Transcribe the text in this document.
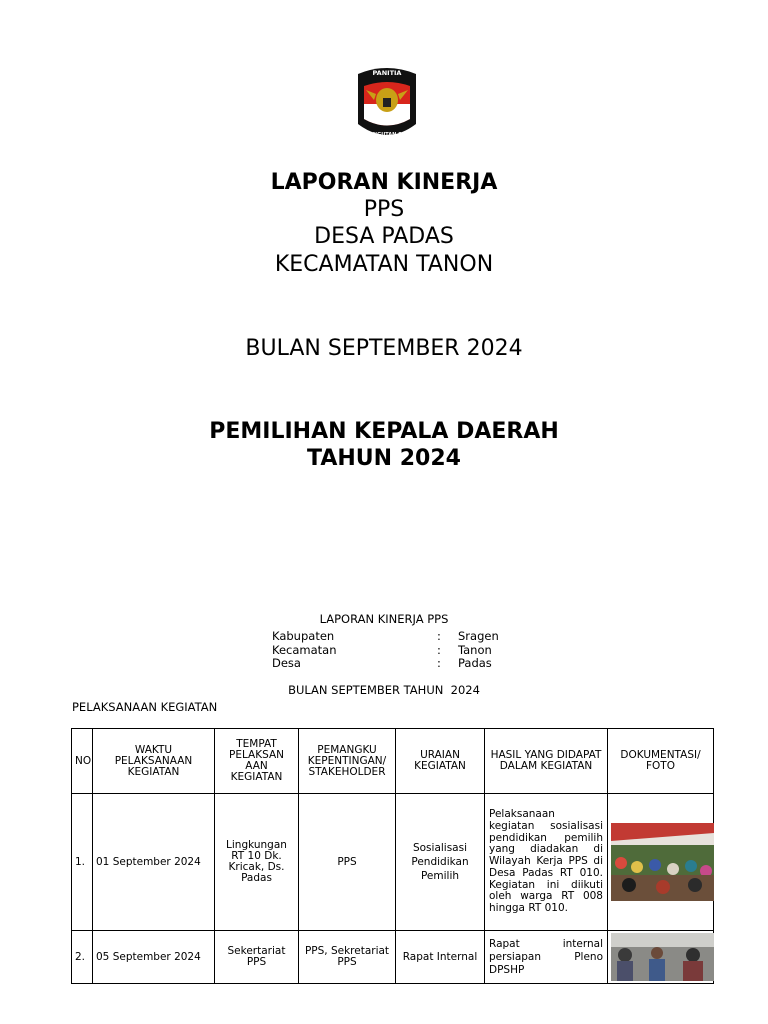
PANITIA
PEMUNGUTAN SUARA
LAPORAN KINERJA
PPS
DESA PADAS
KECAMATAN TANON
BULAN SEPTEMBER 2024
PEMILIHAN KEPALA DAERAH
TAHUN 2024
LAPORAN KINERJA PPS
Kabupaten	:	Sragen
Kecamatan	:	Tanon
Desa	:	Padas
BULAN SEPTEMBER TAHUN  2024
PELAKSANAAN KEGIATAN
NO	WAKTU PELAKSANAAN KEGIATAN	TEMPAT PELAKSAN AAN KEGIATAN	PEMANGKU KEPENTINGAN/ STAKEHOLDER	URAIAN KEGIATAN	HASIL YANG DIDAPAT DALAM KEGIATAN	DOKUMENTASI/ FOTO
1.	01 September 2024	Lingkungan RT 10 Dk. Kricak, Ds. Padas	PPS	Sosialisasi Pendidikan Pemilih	Pelaksanaan kegiatan sosialisasi pendidikan pemilih yang diadakan di Wilayah Kerja PPS di Desa Padas RT 010. Kegiatan ini diikuti oleh warga RT 008 hingga RT 010.	

2.	05 September 2024	Sekertariat PPS	PPS, Sekretariat PPS	Rapat Internal	Rapat internal persiapan Pleno DPSHP	
